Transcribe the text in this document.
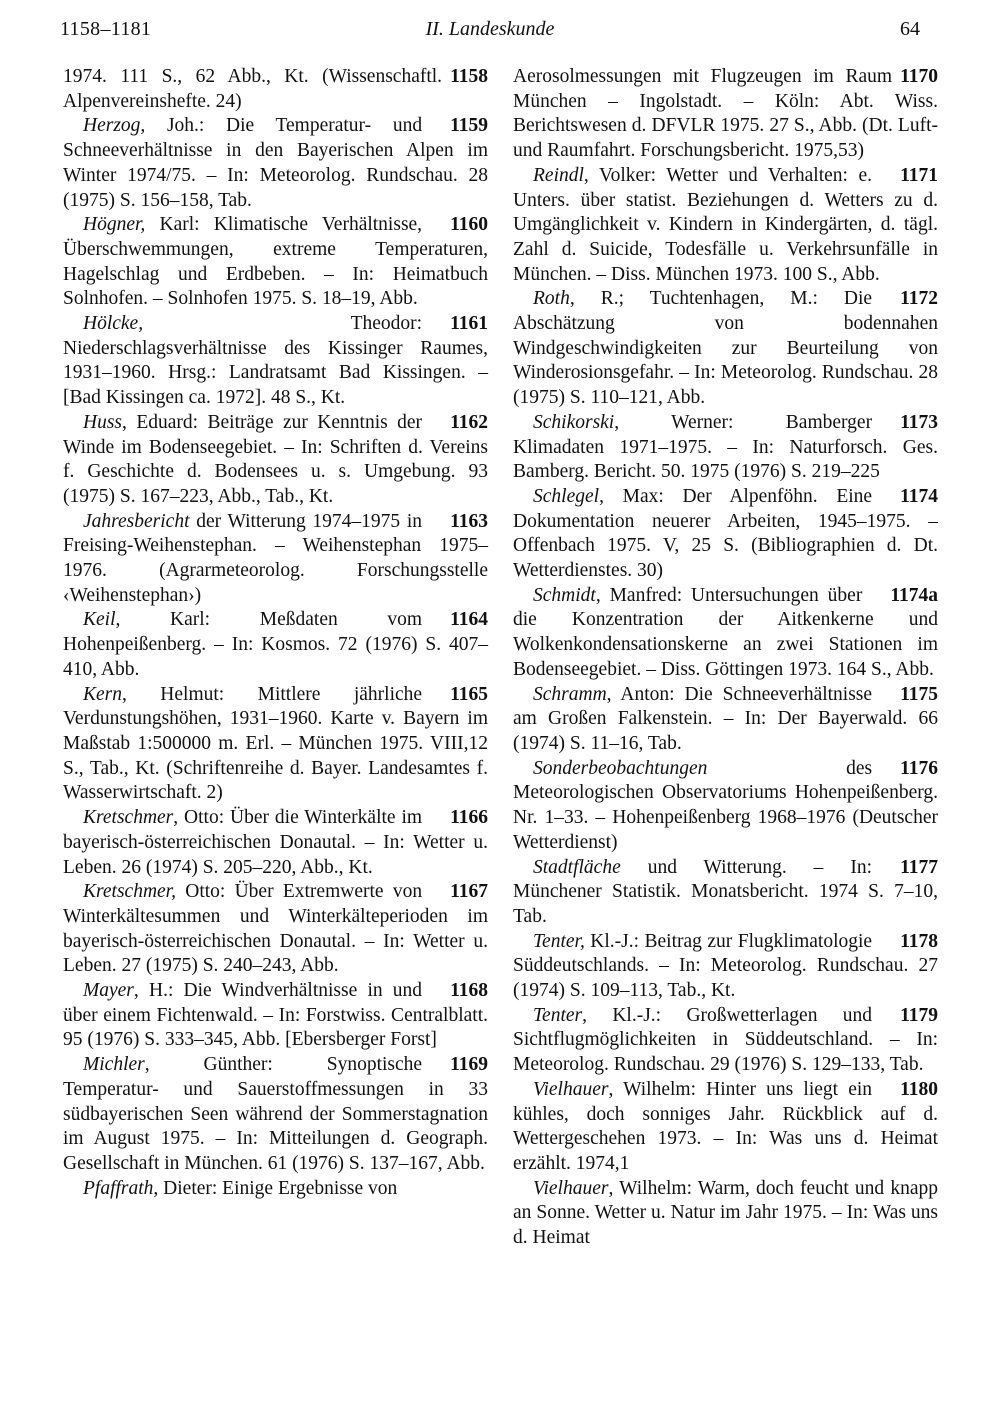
1158–1181	II. Landeskunde	64

1158
1974. 111 S., 62 Abb., Kt. (Wissenschaftl. Alpenvereinshefte. 24)

1159
Herzog, Joh.: Die Temperatur- und Schneeverhältnisse in den Bayerischen Alpen im Winter 1974/75. – In: Meteorolog. Rundschau. 28 (1975) S. 156–158, Tab.

1160
Högner, Karl: Klimatische Verhältnisse, Überschwemmungen, extreme Temperaturen, Hagelschlag und Erdbeben. – In: Heimatbuch Solnhofen. – Solnhofen 1975. S. 18–19, Abb.

1161
Hölcke, Theodor: Niederschlagsverhältnisse des Kissinger Raumes, 1931–1960. Hrsg.: Landratsamt Bad Kissingen. – [Bad Kissingen ca. 1972]. 48 S., Kt.

1162
Huss, Eduard: Beiträge zur Kenntnis der Winde im Bodenseegebiet. – In: Schriften d. Vereins f. Geschichte d. Bodensees u. s. Umgebung. 93 (1975) S. 167–223, Abb., Tab., Kt.

1163
Jahresbericht der Witterung 1974–1975 in Freising-Weihenstephan. – Weihenstephan 1975–1976. (Agrarmeteorolog. Forschungsstelle ‹Weihenstephan›)

1164
Keil, Karl: Meßdaten vom Hohenpeißenberg. – In: Kosmos. 72 (1976) S. 407–410, Abb.

1165
Kern, Helmut: Mittlere jährliche Verdunstungshöhen, 1931–1960. Karte v. Bayern im Maßstab 1:500000 m. Erl. – München 1975. VIII,12 S., Tab., Kt. (Schriftenreihe d. Bayer. Landesamtes f. Wasserwirtschaft. 2)

1166
Kretschmer, Otto: Über die Winterkälte im bayerisch-österreichischen Donautal. – In: Wetter u. Leben. 26 (1974) S. 205–220, Abb., Kt.

1167
Kretschmer, Otto: Über Extremwerte von Winterkältesummen und Winterkälteperioden im bayerisch-österreichischen Donautal. – In: Wetter u. Leben. 27 (1975) S. 240–243, Abb.

1168
Mayer, H.: Die Windverhältnisse in und über einem Fichtenwald. – In: Forstwiss. Centralblatt. 95 (1976) S. 333–345, Abb. [Ebersberger Forst]

1169
Michler, Günther: Synoptische Temperatur- und Sauerstoffmessungen in 33 südbayerischen Seen während der Sommerstagnation im August 1975. – In: Mitteilungen d. Geograph. Gesellschaft in München. 61 (1976) S. 137–167, Abb.

Pfaffrath, Dieter: Einige Ergebnisse von

1170
Aerosolmessungen mit Flugzeugen im Raum München – Ingolstadt. – Köln: Abt. Wiss. Berichtswesen d. DFVLR 1975. 27 S., Abb. (Dt. Luft- und Raumfahrt. Forschungsbericht. 1975,53)

1171
Reindl, Volker: Wetter und Verhalten: e. Unters. über statist. Beziehungen d. Wetters zu d. Umgänglichkeit v. Kindern in Kindergärten, d. tägl. Zahl d. Suicide, Todesfälle u. Verkehrsunfälle in München. – Diss. München 1973. 100 S., Abb.

1172
Roth, R.; Tuchtenhagen, M.: Die Abschätzung von bodennahen Windgeschwindigkeiten zur Beurteilung von Winderosionsgefahr. – In: Meteorolog. Rundschau. 28 (1975) S. 110–121, Abb.

1173
Schikorski, Werner: Bamberger Klimadaten 1971–1975. – In: Naturforsch. Ges. Bamberg. Bericht. 50. 1975 (1976) S. 219–225

1174
Schlegel, Max: Der Alpenföhn. Eine Dokumentation neuerer Arbeiten, 1945–1975. – Offenbach 1975. V, 25 S. (Bibliographien d. Dt. Wetterdienstes. 30)

1174a
Schmidt, Manfred: Untersuchungen über die Konzentration der Aitkenkerne und Wolkenkondensationskerne an zwei Stationen im Bodenseegebiet. – Diss. Göttingen 1973. 164 S., Abb.

1175
Schramm, Anton: Die Schneeverhältnisse am Großen Falkenstein. – In: Der Bayerwald. 66 (1974) S. 11–16, Tab.

1176
Sonderbeobachtungen des Meteorologischen Observatoriums Hohenpeißenberg. Nr. 1–33. – Hohenpeißenberg 1968–1976 (Deutscher Wetterdienst)

1177
Stadtfläche und Witterung. – In: Münchener Statistik. Monatsbericht. 1974 S. 7–10, Tab.

1178
Tenter, Kl.-J.: Beitrag zur Flugklimatologie Süddeutschlands. – In: Meteorolog. Rundschau. 27 (1974) S. 109–113, Tab., Kt.

1179
Tenter, Kl.-J.: Großwetterlagen und Sichtflugmöglichkeiten in Süddeutschland. – In: Meteorolog. Rundschau. 29 (1976) S. 129–133, Tab.

1180
Vielhauer, Wilhelm: Hinter uns liegt ein kühles, doch sonniges Jahr. Rückblick auf d. Wettergeschehen 1973. – In: Was uns d. Heimat erzählt. 1974,1

Vielhauer, Wilhelm: Warm, doch feucht und knapp an Sonne. Wetter u. Natur im Jahr 1975. – In: Was uns d. Heimat
